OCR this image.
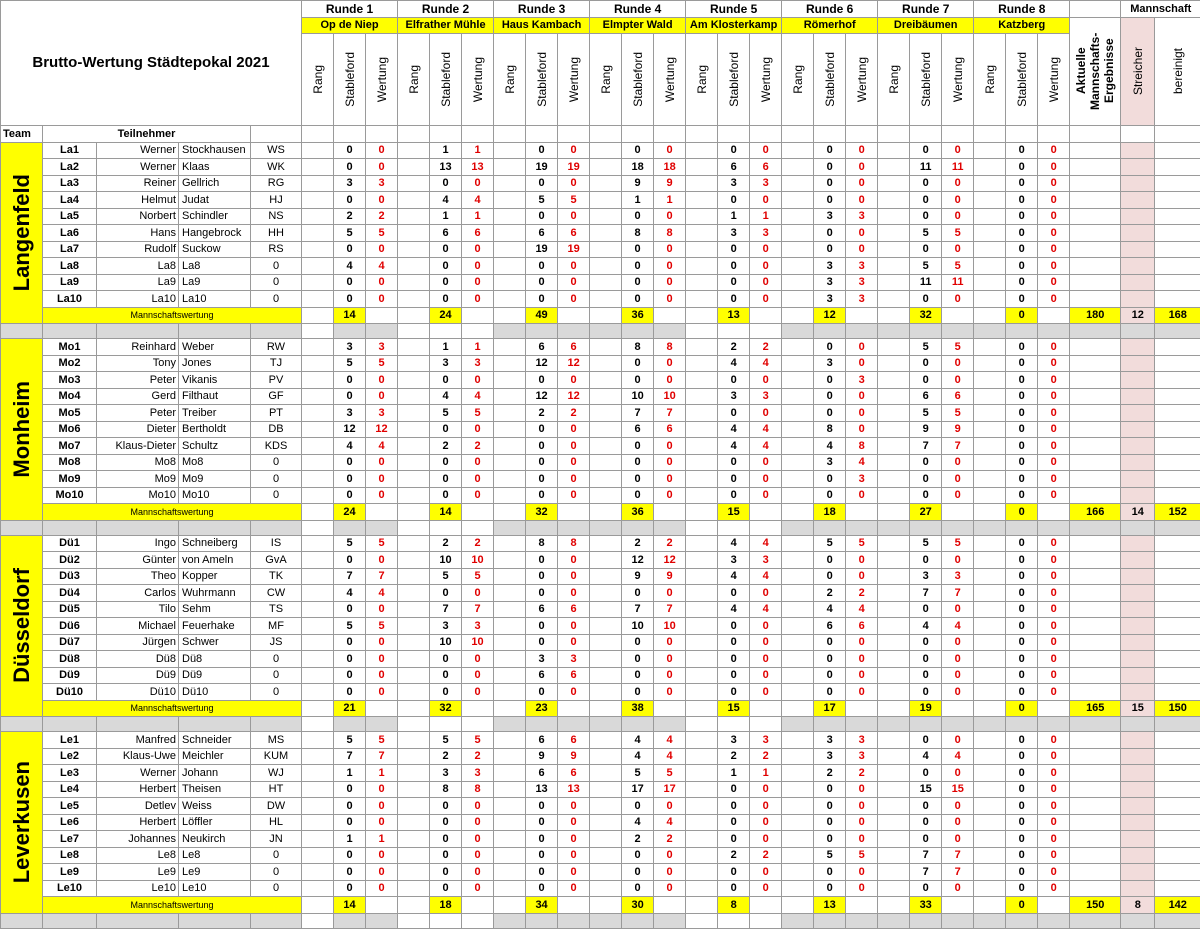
Brutto-Wertung Städtepokal 2021					Runde 1			Runde 2			Runde 3			Runde 4			Runde 5			Runde 6			Runde 7			Runde 8				Mannschaft	
					Op de Niep			Elfrather Mühle			Haus Kambach			Elmpter Wald			Am Klosterkamp			Römerhof			Dreibäumen			Katzberg			Aktuelle Mannschafts-Ergebnisse	Streicher	bereinigt

					Rang	Stableford	Wertung	Rang	Stableford	Wertung	Rang	Stableford	Wertung	Rang	Stableford	Wertung	Rang	Stableford	Wertung	Rang	Stableford	Wertung	Rang	Stableford	Wertung	Rang	Stableford	Wertung			

Team	Teilnehmer																														

Langenfeld	La1	Werner	Stockhausen	WS		0	0		1	1		0	0		0	0		0	0		0	0		0	0		0	0			
	La2	Werner	Klaas	WK		0	0		13	13		19	19		18	18		6	6		0	0		11	11		0	0			
	La3	Reiner	Gellrich	RG		3	3		0	0		0	0		9	9		3	3		0	0		0	0		0	0			
	La4	Helmut	Judat	HJ		0	0		4	4		5	5		1	1		0	0		0	0		0	0		0	0			
	La5	Norbert	Schindler	NS		2	2		1	1		0	0		0	0		1	1		3	3		0	0		0	0			
	La6	Hans	Hangebrock	HH		5	5		6	6		6	6		8	8		3	3		0	0		5	5		0	0			
	La7	Rudolf	Suckow	RS		0	0		0	0		19	19		0	0		0	0		0	0		0	0		0	0			
	La8	La8	La8	0		4	4		0	0		0	0		0	0		0	0		3	3		5	5		0	0			
	La9	La9	La9	0		0	0		0	0		0	0		0	0		0	0		3	3		11	11		0	0			
	La10	La10	La10	0		0	0		0	0		0	0		0	0		0	0		3	3		0	0		0	0			
	Mannschaftswertung					14			24			49			36			13			12			32			0		180	12	168

Monheim	Mo1	Reinhard	Weber	RW		3	3		1	1		6	6		8	8		2	2		0	0		5	5		0	0			
	Mo2	Tony	Jones	TJ		5	5		3	3		12	12		0	0		4	4		3	0		0	0		0	0			
	Mo3	Peter	Vikanis	PV		0	0		0	0		0	0		0	0		0	0		0	3		0	0		0	0			
	Mo4	Gerd	Filthaut	GF		0	0		4	4		12	12		10	10		3	3		0	0		6	6		0	0			
	Mo5	Peter	Treiber	PT		3	3		5	5		2	2		7	7		0	0		0	0		5	5		0	0			
	Mo6	Dieter	Bertholdt	DB		12	12		0	0		0	0		6	6		4	4		8	0		9	9		0	0			
	Mo7	Klaus-Dieter	Schultz	KDS		4	4		2	2		0	0		0	0		4	4		4	8		7	7		0	0			
	Mo8	Mo8	Mo8	0		0	0		0	0		0	0		0	0		0	0		3	4		0	0		0	0			
	Mo9	Mo9	Mo9	0		0	0		0	0		0	0		0	0		0	0		0	3		0	0		0	0			
	Mo10	Mo10	Mo10	0		0	0		0	0		0	0		0	0		0	0		0	0		0	0		0	0			
	Mannschaftswertung					24			14			32			36			15			18			27			0		166	14	152

Düsseldorf	Dü1	Ingo	Schneiberg	IS		5	5		2	2		8	8		2	2		4	4		5	5		5	5		0	0			
	Dü2	Günter	von Ameln	GvA		0	0		10	10		0	0		12	12		3	3		0	0		0	0		0	0			
	Dü3	Theo	Kopper	TK		7	7		5	5		0	0		9	9		4	4		0	0		3	3		0	0			
	Dü4	Carlos	Wuhrmann	CW		4	4		0	0		0	0		0	0		0	0		2	2		7	7		0	0			
	Dü5	Tilo	Sehm	TS		0	0		7	7		6	6		7	7		4	4		4	4		0	0		0	0			
	Dü6	Michael	Feuerhake	MF		5	5		3	3		0	0		10	10		0	0		6	6		4	4		0	0			
	Dü7	Jürgen	Schwer	JS		0	0		10	10		0	0		0	0		0	0		0	0		0	0		0	0			
	Dü8	Dü8	Dü8	0		0	0		0	0		3	3		0	0		0	0		0	0		0	0		0	0			
	Dü9	Dü9	Dü9	0		0	0		0	0		6	6		0	0		0	0		0	0		0	0		0	0			
	Dü10	Dü10	Dü10	0		0	0		0	0		0	0		0	0		0	0		0	0		0	0		0	0			
	Mannschaftswertung					21			32			23			38			15			17			19			0		165	15	150

Leverkusen	Le1	Manfred	Schneider	MS		5	5		5	5		6	6		4	4		3	3		3	3		0	0		0	0			
	Le2	Klaus-Uwe	Meichler	KUM		7	7		2	2		9	9		4	4		2	2		3	3		4	4		0	0			
	Le3	Werner	Johann	WJ		1	1		3	3		6	6		5	5		1	1		2	2		0	0		0	0			
	Le4	Herbert	Theisen	HT		0	0		8	8		13	13		17	17		0	0		0	0		15	15		0	0			
	Le5	Detlev	Weiss	DW		0	0		0	0		0	0		0	0		0	0		0	0		0	0		0	0			
	Le6	Herbert	Löffler	HL		0	0		0	0		0	0		4	4		0	0		0	0		0	0		0	0			
	Le7	Johannes	Neukirch	JN		1	1		0	0		0	0		2	2		0	0		0	0		0	0		0	0			
	Le8	Le8	Le8	0		0	0		0	0		0	0		0	0		2	2		5	5		7	7		0	0			
	Le9	Le9	Le9	0		0	0		0	0		0	0		0	0		0	0		0	0		7	7		0	0			
	Le10	Le10	Le10	0		0	0		0	0		0	0		0	0		0	0		0	0		0	0		0	0			
	Mannschaftswertung					14			18			34			30			8			13			33			0		150	8	142
